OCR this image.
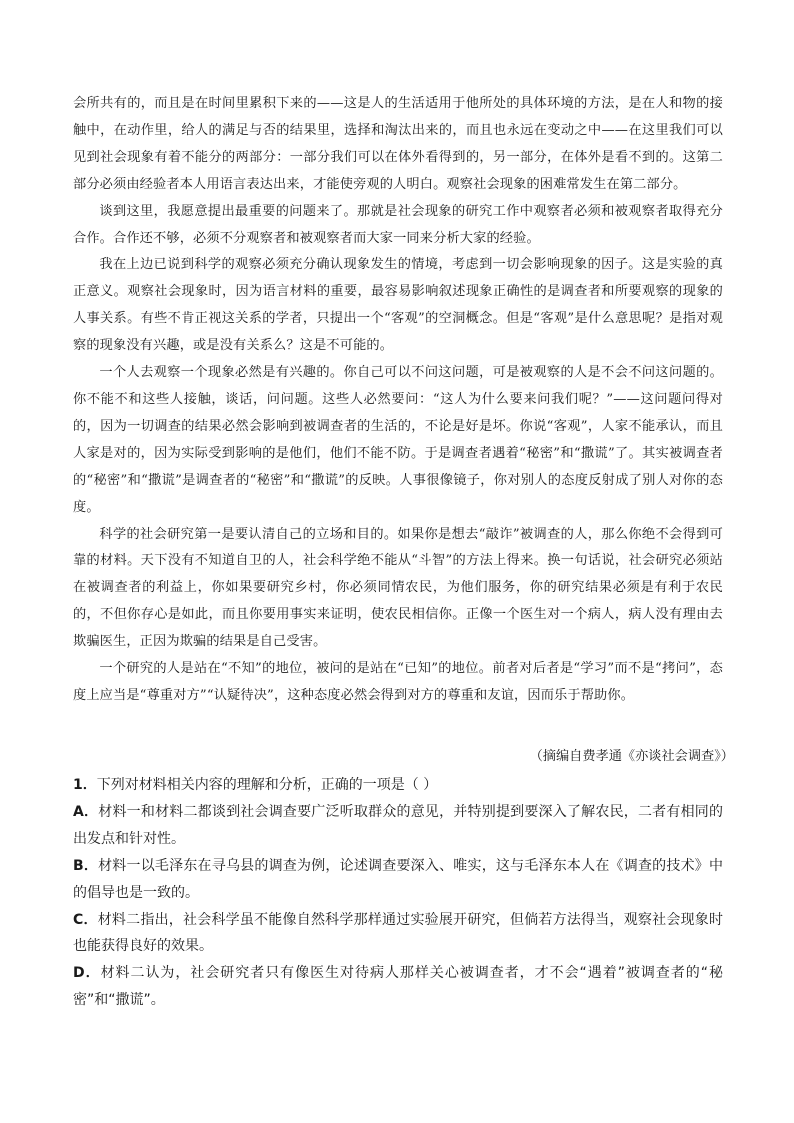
会所共有的，而且是在时间里累积下来的——这是人的生活适用于他所处的具体环境的方法，是在人和物的接触中，在动作里，给人的满足与否的结果里，选择和淘汰出来的，而且也永远在变动之中——在这里我们可以见到社会现象有着不能分的两部分：一部分我们可以在体外看得到的，另一部分，在体外是看不到的。这第二部分必须由经验者本人用语言表达出来，才能使旁观的人明白。观察社会现象的困难常发生在第二部分。

谈到这里，我愿意提出最重要的问题来了。那就是社会现象的研究工作中观察者必须和被观察者取得充分合作。合作还不够，必须不分观察者和被观察者而大家一同来分析大家的经验。

我在上边已说到科学的观察必须充分确认现象发生的情境，考虑到一切会影响现象的因子。这是实验的真正意义。观察社会现象时，因为语言材料的重要，最容易影响叙述现象正确性的是调查者和所要观察的现象的人事关系。有些不肯正视这关系的学者，只提出一个“客观”的空洞概念。但是“客观”是什么意思呢？是指对观察的现象没有兴趣，或是没有关系么？这是不可能的。

一个人去观察一个现象必然是有兴趣的。你自己可以不问这问题，可是被观察的人是不会不问这问题的。你不能不和这些人接触，谈话，问问题。这些人必然要问：“这人为什么要来问我们呢？”——这问题问得对的，因为一切调查的结果必然会影响到被调查者的生活的，不论是好是坏。你说“客观”，人家不能承认，而且人家是对的，因为实际受到影响的是他们，他们不能不防。于是调查者遇着“秘密”和“撒谎”了。其实被调查者的“秘密”和“撒谎”是调查者的“秘密”和“撒谎”的反映。人事很像镜子，你对别人的态度反射成了别人对你的态度。

科学的社会研究第一是要认清自己的立场和目的。如果你是想去“敲诈”被调查的人，那么你绝不会得到可靠的材料。天下没有不知道自卫的人，社会科学绝不能从“斗智”的方法上得来。换一句话说，社会研究必须站在被调查者的利益上，你如果要研究乡村，你必须同情农民，为他们服务，你的研究结果必须是有利于农民的，不但你存心是如此，而且你要用事实来证明，使农民相信你。正像一个医生对一个病人，病人没有理由去欺骗医生，正因为欺骗的结果是自己受害。

一个研究的人是站在“不知”的地位，被问的是站在“已知”的地位。前者对后者是“学习”而不是“拷问”，态度上应当是“尊重对方”“认疑待决”，这种态度必然会得到对方的尊重和友谊，因而乐于帮助你。

（摘编自费孝通《亦谈社会调查》）

1．下列对材料相关内容的理解和分析，正确的一项是（ ）

A．材料一和材料二都谈到社会调查要广泛听取群众的意见，并特别提到要深入了解农民，二者有相同的出发点和针对性。

B．材料一以毛泽东在寻乌县的调查为例，论述调查要深入、唯实，这与毛泽东本人在《调查的技术》中的倡导也是一致的。

C．材料二指出，社会科学虽不能像自然科学那样通过实验展开研究，但倘若方法得当，观察社会现象时也能获得良好的效果。

D．材料二认为，社会研究者只有像医生对待病人那样关心被调查者，才不会“遇着”被调查者的“秘密”和“撒谎”。
